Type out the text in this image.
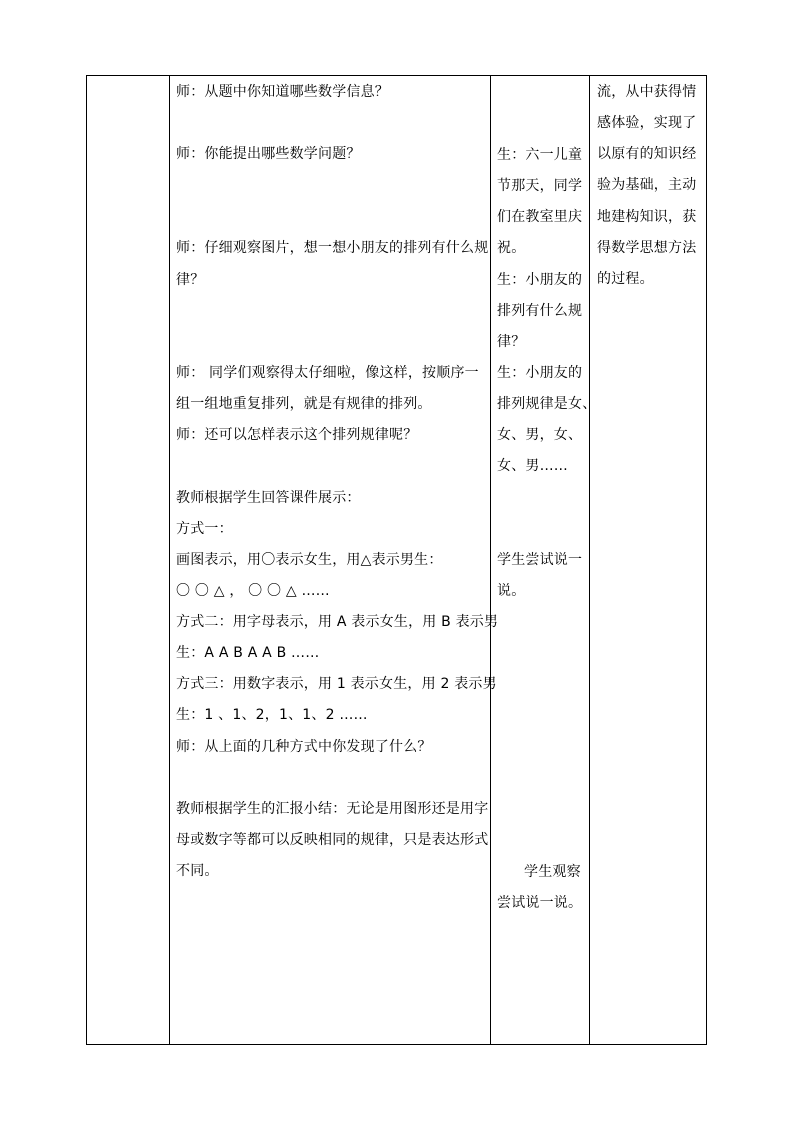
师：从题中你知道哪些数学信息？
师：你能提出哪些数学问题？
师：仔细观察图片，想一想小朋友的排列有什么规
律？
师： 同学们观察得太仔细啦，像这样，按顺序一
组一组地重复排列，就是有规律的排列。
师：还可以怎样表示这个排列规律呢？
教师根据学生回答课件展示：
方式一：
画图表示，用〇表示女生，用△表示男生：
〇 〇 △ ， 〇 〇 △ ……
方式二：用字母表示，用 A 表示女生，用 B 表示男
生：A A B A A B ……
方式三：用数字表示，用 1 表示女生，用 2 表示男
生：1 、1、2，1、1、2 ……
师：从上面的几种方式中你发现了什么？
教师根据学生的汇报小结：无论是用图形还是用字
母或数字等都可以反映相同的规律，只是表达形式
不同。
生：六一儿童
节那天，同学
们在教室里庆
祝。
生：小朋友的
排列有什么规
律？
生：小朋友的
排列规律是女、
女、男，女、
女、男……
学生尝试说一
说。
学生观察
尝试说一说。
流，从中获得情
感体验，实现了
以原有的知识经
验为基础，主动
地建构知识，获
得数学思想方法
的过程。
